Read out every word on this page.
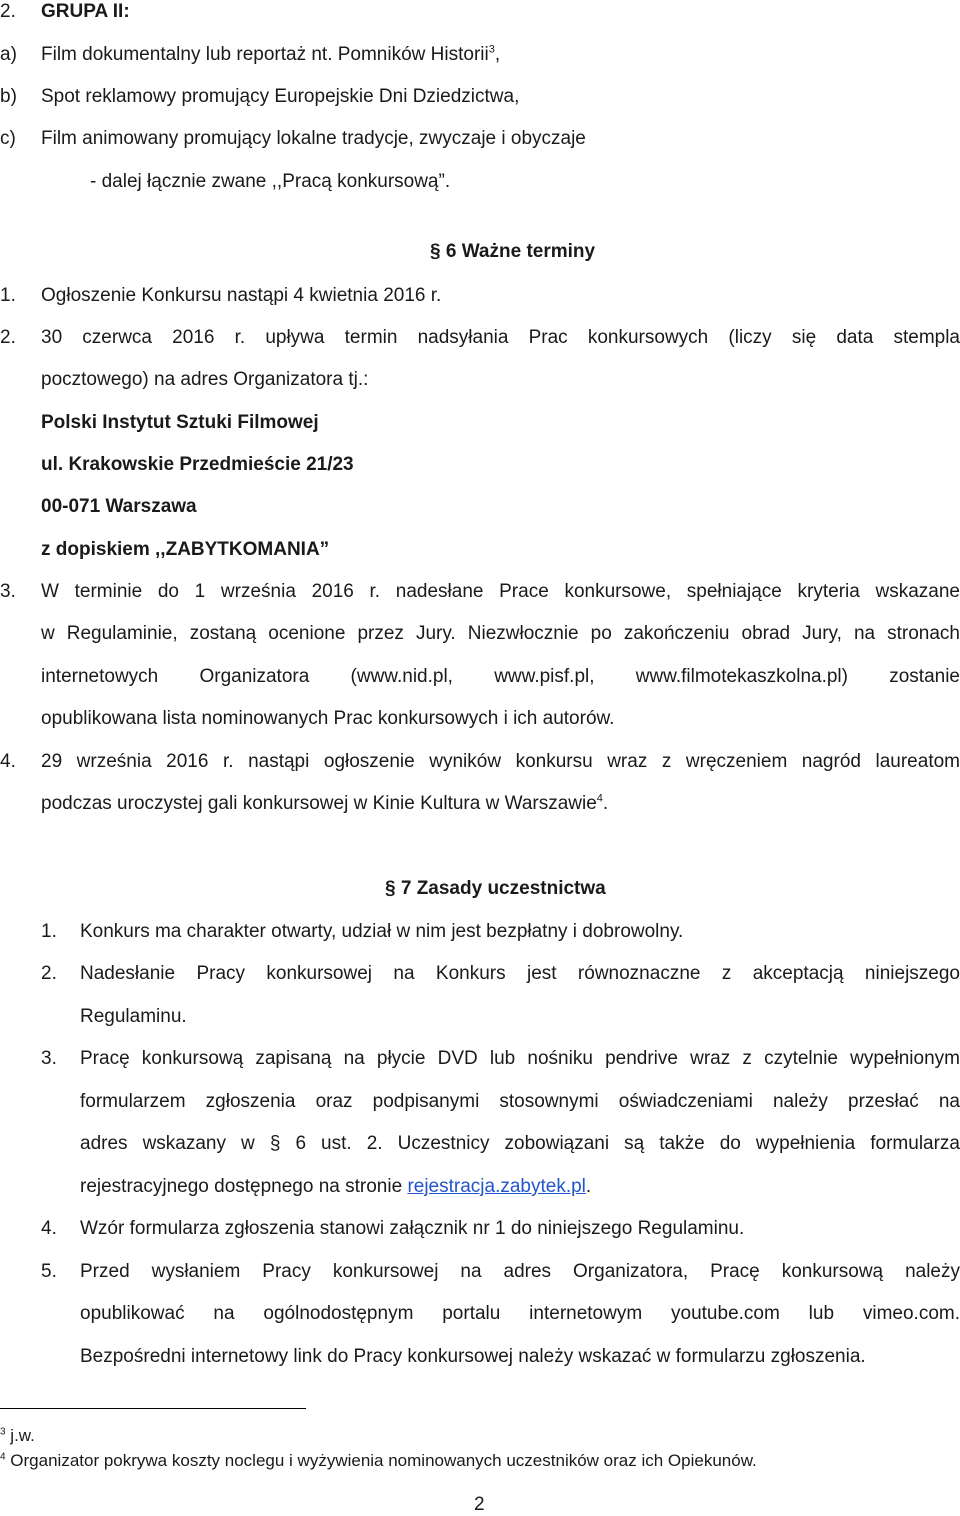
2. GRUPA II:
a) Film dokumentalny lub reportaż nt. Pomników Historii$^3$,
b) Spot reklamowy promujący Europejskie Dni Dziedzictwa,
c) Film animowany promujący lokalne tradycje, zwyczaje i obyczaje
- dalej łącznie zwane ,,Pracą konkursową”.
§ 6 Ważne terminy
1. Ogłoszenie Konkursu nastąpi 4 kwietnia 2016 r.
2. 30 czerwca 2016 r. upływa termin nadsyłania Prac konkursowych (liczy się data stempla
pocztowego) na adres Organizatora tj.:
Polski Instytut Sztuki Filmowej
ul. Krakowskie Przedmieście 21/23
00-071 Warszawa
z dopiskiem ,,ZABYTKOMANIA”
3. W terminie do 1 września 2016 r. nadesłane Prace konkursowe, spełniające kryteria wskazane
w Regulaminie, zostaną ocenione przez Jury. Niezwłocznie po zakończeniu obrad Jury, na stronach
internetowych Organizatora (www.nid.pl, www.pisf.pl, www.filmotekaszkolna.pl) zostanie
opublikowana lista nominowanych Prac konkursowych i ich autorów.
4. 29 września 2016 r. nastąpi ogłoszenie wyników konkursu wraz z wręczeniem nagród laureatom
podczas uroczystej gali konkursowej w Kinie Kultura w Warszawie$^4$.
§ 7 Zasady uczestnictwa
1. Konkurs ma charakter otwarty, udział w nim jest bezpłatny i dobrowolny.
2. Nadesłanie Pracy konkursowej na Konkurs jest równoznaczne z akceptacją niniejszego
Regulaminu.
3. Pracę konkursową zapisaną na płycie DVD lub nośniku pendrive wraz z czytelnie wypełnionym
formularzem zgłoszenia oraz podpisanymi stosownymi oświadczeniami należy przesłać na
adres wskazany w § 6 ust. 2. Uczestnicy zobowiązani są także do wypełnienia formularza
rejestracyjnego dostępnego na stronie rejestracja.zabytek.pl.
4. Wzór formularza zgłoszenia stanowi załącznik nr 1 do niniejszego Regulaminu.
5. Przed wysłaniem Pracy konkursowej na adres Organizatora, Pracę konkursową należy
opublikować na ogólnodostępnym portalu internetowym youtube.com lub vimeo.com.
Bezpośredni internetowy link do Pracy konkursowej należy wskazać w formularzu zgłoszenia.
$^3$ j.w.
$^4$ Organizator pokrywa koszty noclegu i wyżywienia nominowanych uczestników oraz ich Opiekunów.
2
